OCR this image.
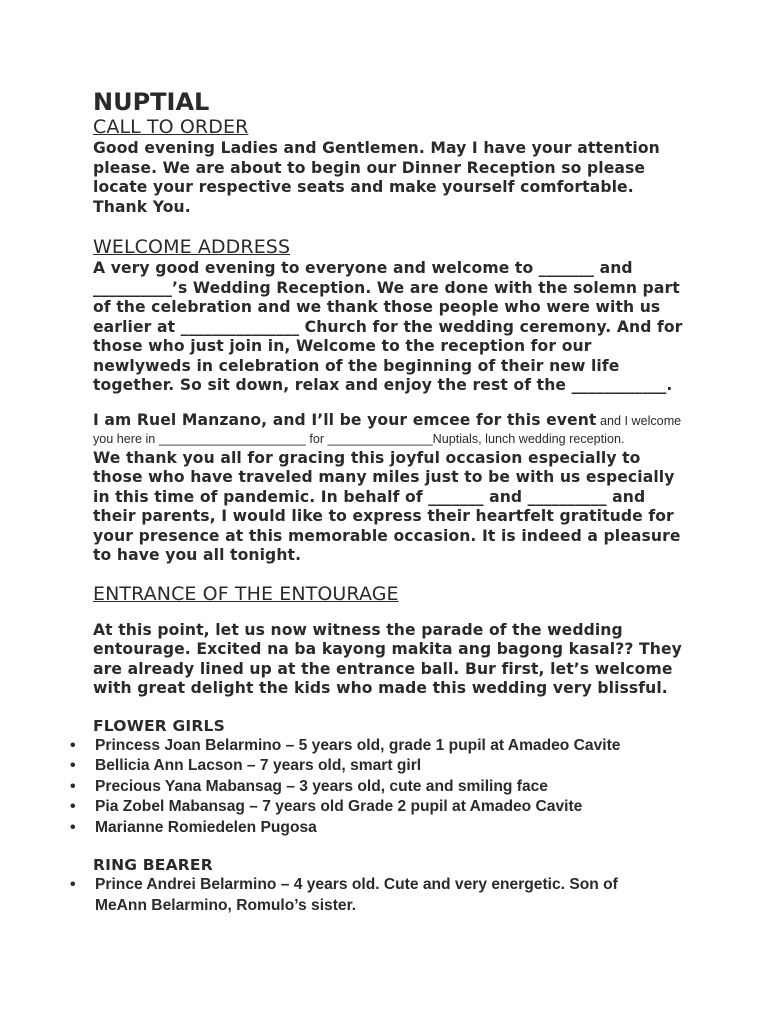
NUPTIAL
CALL TO ORDER

Good evening Ladies and Gentlemen. May I have your attention please. We are about to begin our Dinner Reception so please locate your respective seats and make yourself comfortable. Thank You.

WELCOME ADDRESS

A very good evening to everyone and welcome to _______ and __________’s Wedding Reception. We are done with the solemn part of the celebration and we thank those people who were with us earlier at _______________ Church for the wedding ceremony. And for those who just join in, Welcome to the reception for our newlyweds in celebration of the beginning of their new life together. So sit down, relax and enjoy the rest of the ____________.

I am Ruel Manzano, and I’ll be your emcee for this event and I welcome you here in _____________________ for _______________Nuptials, lunch wedding reception.

We thank you all for gracing this joyful occasion especially to those who have traveled many miles just to be with us especially in this time of pandemic. In behalf of _______ and __________ and their parents, I would like to express their heartfelt gratitude for your presence at this memorable occasion. It is indeed a pleasure to have you all tonight.

ENTRANCE OF THE ENTOURAGE

At this point, let us now witness the parade of the wedding entourage. Excited na ba kayong makita ang bagong kasal?? They are already lined up at the entrance ball. Bur first, let’s welcome with great delight the kids who made this wedding very blissful.

FLOWER GIRLS
• Princess Joan Belarmino – 5 years old, grade 1 pupil at Amadeo Cavite
• Bellicia Ann Lacson – 7 years old, smart girl
• Precious Yana Mabansag – 3 years old, cute and smiling face
• Pia Zobel Mabansag – 7 years old Grade 2 pupil at Amadeo Cavite
• Marianne Romiedelen Pugosa
RING BEARER
• Prince Andrei Belarmino – 4 years old. Cute and very energetic. Son of MeAnn Belarmino, Romulo’s sister.
